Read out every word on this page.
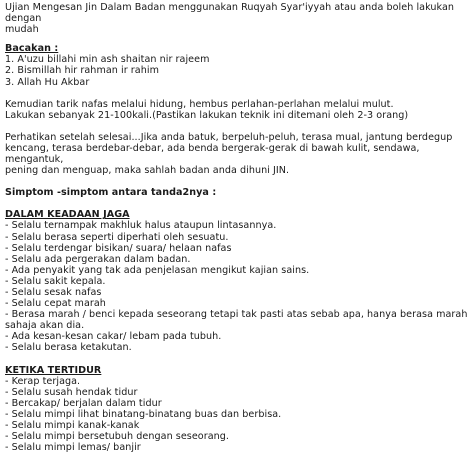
Ujian Mengesan Jin Dalam Badan menggunakan Ruqyah Syar'iyyah atau anda boleh lakukan dengan

mudah

Bacakan :

1. A'uzu billahi min ash shaitan nir rajeem
2. Bismillah hir rahman ir rahim
3. Allah Hu Akbar

Kemudian tarik nafas melalui hidung, hembus perlahan-perlahan melalui mulut.

Lakukan sebanyak 21-100kali.(Pastikan lakukan teknik ini ditemani oleh 2-3 orang)

Perhatikan setelah selesai...Jika anda batuk, berpeluh-peluh, terasa mual, jantung berdegup

kencang, terasa berdebar-debar, ada benda bergerak-gerak di bawah kulit, sendawa, mengantuk,

pening dan menguap, maka sahlah badan anda dihuni JIN.

Simptom -simptom antara tanda2nya :

DALAM KEADAAN JAGA

- Selalu ternampak makhluk halus ataupun lintasannya.
- Selalu berasa seperti diperhati oleh sesuatu.
- Selalu terdengar bisikan/ suara/ helaan nafas
- Selalu ada pergerakan dalam badan.
- Ada penyakit yang tak ada penjelasan mengikut kajian sains.
- Selalu sakit kepala.
- Selalu sesak nafas
- Selalu cepat marah
- Berasa marah / benci kepada seseorang tetapi tak pasti atas sebab apa, hanya berasa marah
sahaja akan dia.
- Ada kesan-kesan cakar/ lebam pada tubuh.
- Selalu berasa ketakutan.

KETIKA TERTIDUR

- Kerap terjaga.
- Selalu susah hendak tidur
- Bercakap/ berjalan dalam tidur
- Selalu mimpi lihat binatang-binatang buas dan berbisa.
- Selalu mimpi kanak-kanak
- Selalu mimpi bersetubuh dengan seseorang.
- Selalu mimpi lemas/ banjir
